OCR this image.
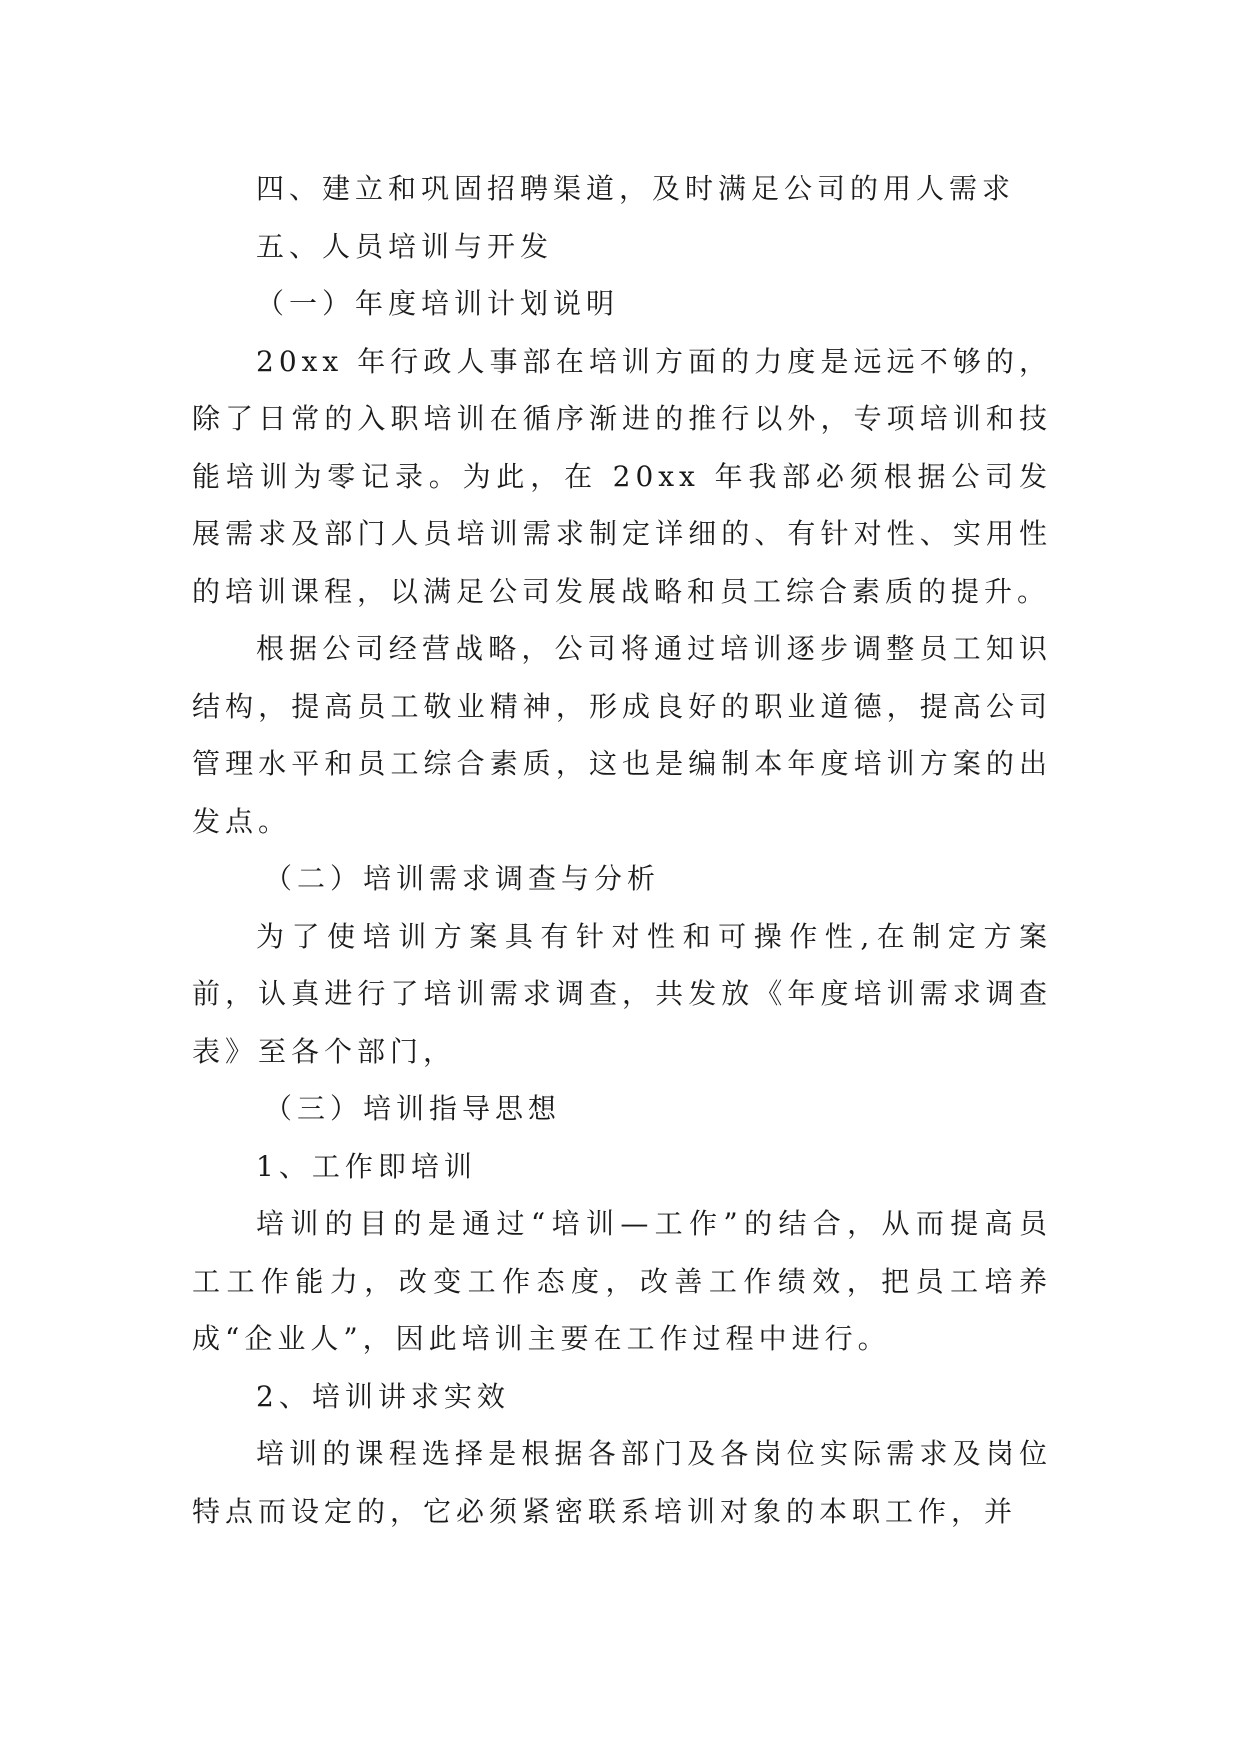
四、建立和巩固招聘渠道，及时满足公司的用人需求

五、人员培训与开发

（一）年度培训计划说明

20xx 年行政人事部在培训方面的力度是远远不够的，除了日常的入职培训在循序渐进的推行以外，专项培训和技能培训为零记录。为此，在 20xx 年我部必须根据公司发展需求及部门人员培训需求制定详细的、有针对性、实用性的培训课程，以满足公司发展战略和员工综合素质的提升。

根据公司经营战略，公司将通过培训逐步调整员工知识结构，提高员工敬业精神，形成良好的职业道德，提高公司管理水平和员工综合素质，这也是编制本年度培训方案的出发点。

（二）培训需求调查与分析

为了使培训方案具有针对性和可操作性,在制定方案前，认真进行了培训需求调查，共发放《年度培训需求调查表》至各个部门，

（三）培训指导思想

1、工作即培训

培训的目的是通过“培训—工作”的结合，从而提高员工工作能力，改变工作态度，改善工作绩效，把员工培养成“企业人”，因此培训主要在工作过程中进行。

2、培训讲求实效

培训的课程选择是根据各部门及各岗位实际需求及岗位特点而设定的，它必须紧密联系培训对象的本职工作，并
